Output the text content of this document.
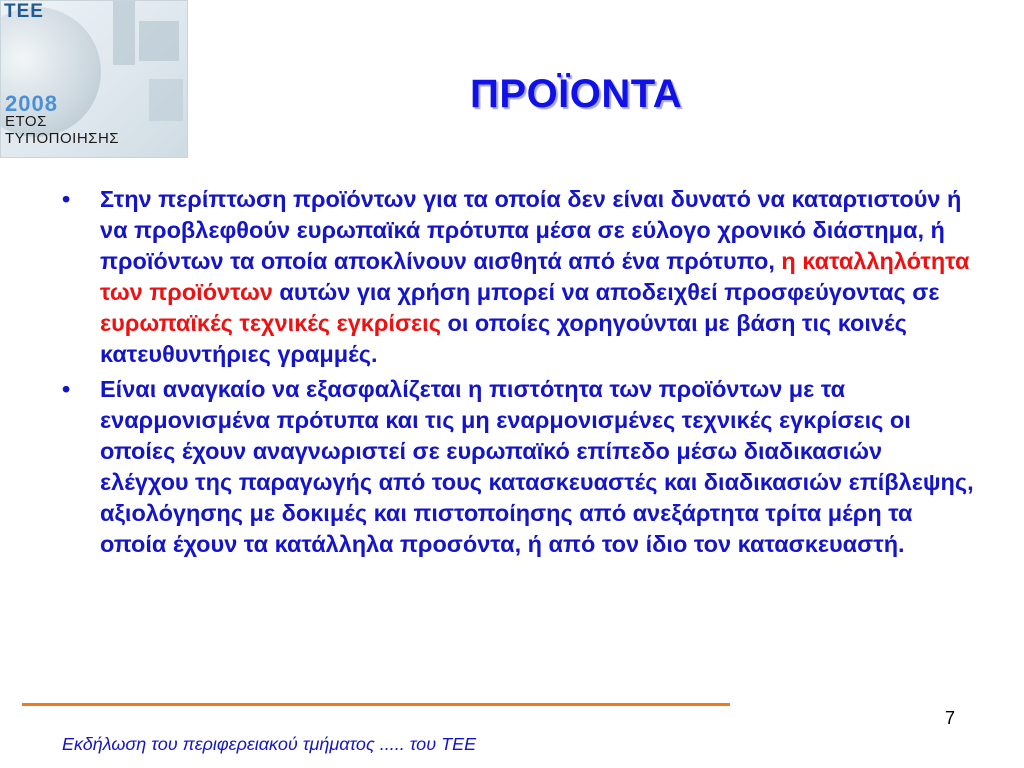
TEE
2008
ΕΤΟΣ
ΤΥΠΟΠΟΙΗΣΗΣ
ΠΡΟΪΟΝΤΑ
• Στην περίπτωση προϊόντων για τα οποία δεν είναι δυνατό να καταρτιστούν ή να προβλεφθούν ευρωπαϊκά πρότυπα μέσα σε εύλογο χρονικό διάστημα, ή προϊόντων τα οποία αποκλίνουν αισθητά από ένα πρότυπο, η καταλληλότητα των προϊόντων αυτών για χρήση μπορεί να αποδειχθεί προσφεύγοντας σε ευρωπαϊκές τεχνικές εγκρίσεις οι οποίες χορηγούνται με βάση τις κοινές κατευθυντήριες γραμμές.
• Είναι αναγκαίο να εξασφαλίζεται η πιστότητα των προϊόντων με τα εναρμονισμένα πρότυπα και τις μη εναρμονισμένες τεχνικές εγκρίσεις οι οποίες έχουν αναγνωριστεί σε ευρωπαϊκό επίπεδο μέσω διαδικασιών ελέγχου της παραγωγής από τους κατασκευαστές και διαδικασιών επίβλεψης, αξιολόγησης με δοκιμές και πιστοποίησης από ανεξάρτητα τρίτα μέρη τα οποία έχουν τα κατάλληλα προσόντα, ή από τον ίδιο τον κατασκευαστή.
7
Εκδήλωση του περιφερειακού τμήματος ..... του ΤΕΕ
